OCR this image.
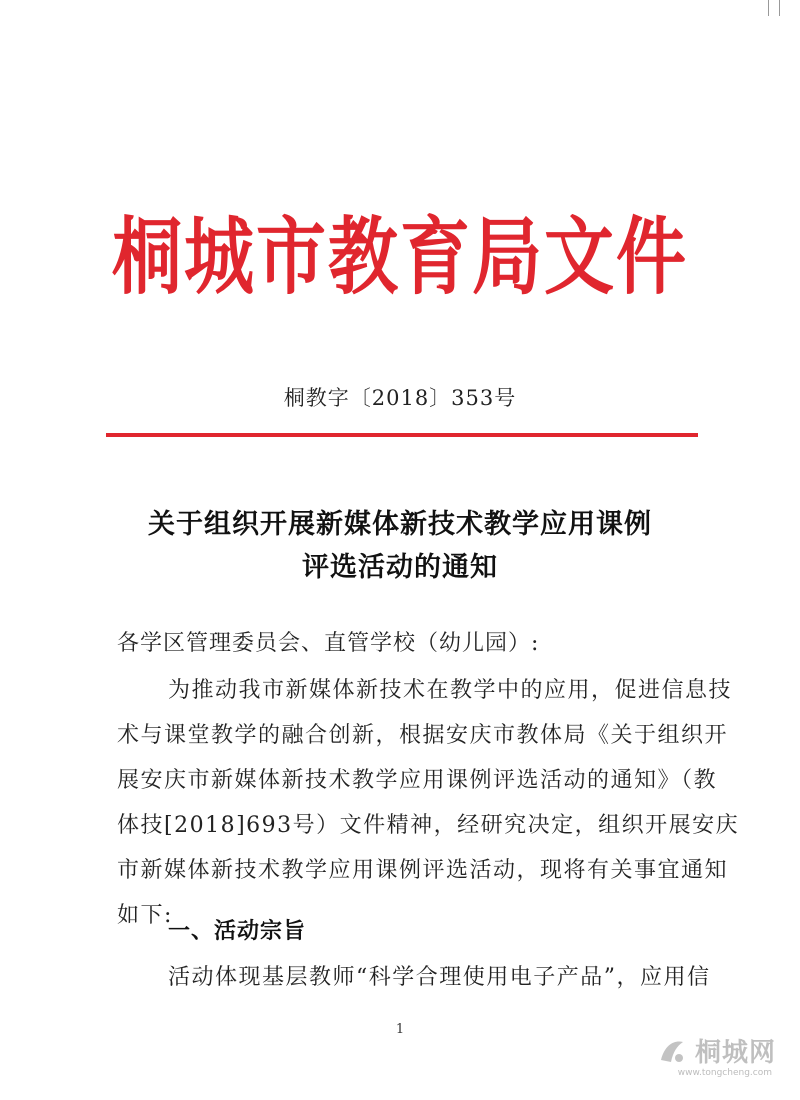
桐城市教育局文件
桐教字〔2018〕353号
关于组织开展新媒体新技术教学应用课例
评选活动的通知
各学区管理委员会、直管学校（幼儿园）:
为推动我市新媒体新技术在教学中的应用，促进信息技
术与课堂教学的融合创新，根据安庆市教体局《关于组织开
展安庆市新媒体新技术教学应用课例评选活动的通知》（教
体技[2018]693号）文件精神，经研究决定，组织开展安庆
市新媒体新技术教学应用课例评选活动，现将有关事宜通知
如下:
一、活动宗旨
活动体现基层教师“科学合理使用电子产品”，应用信
1
桐城网
www.tongcheng.com
